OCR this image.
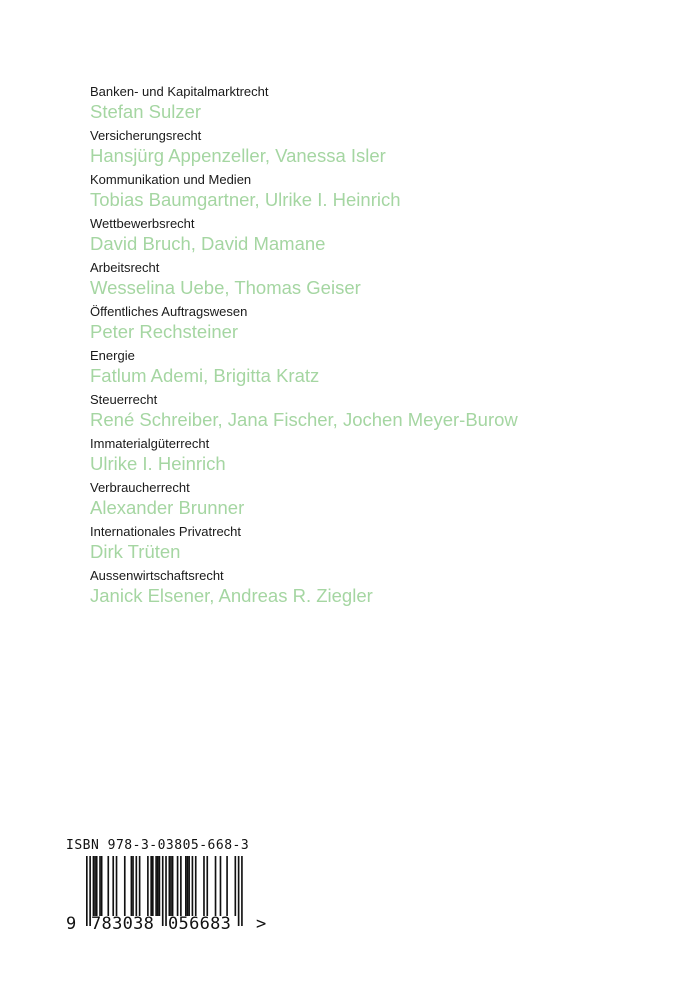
Banken- und Kapitalmarktrecht
Stefan Sulzer
Versicherungsrecht
Hansjürg Appenzeller, Vanessa Isler
Kommunikation und Medien
Tobias Baumgartner, Ulrike I. Heinrich
Wettbewerbsrecht
David Bruch, David Mamane
Arbeitsrecht
Wesselina Uebe, Thomas Geiser
Öffentliches Auftragswesen
Peter Rechsteiner
Energie
Fatlum Ademi, Brigitta Kratz
Steuerrecht
René Schreiber, Jana Fischer, Jochen Meyer-Burow
Immaterialgüterrecht
Ulrike I. Heinrich
Verbraucherrecht
Alexander Brunner
Internationales Privatrecht
Dirk Trüten
Aussenwirtschaftsrecht
Janick Elsener, Andreas R. Ziegler
ISBN 978-3-03805-668-3
9 783038 056683 >
